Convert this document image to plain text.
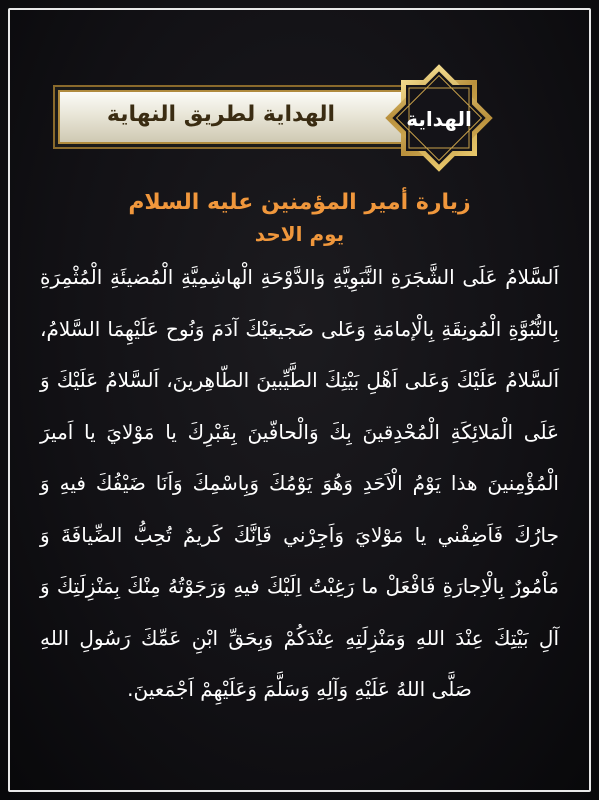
الهداية لطريق النهاية	الهداية
زيارة أمير المؤمنين عليه السلام
يوم الاحد
اَلسَّلامُ عَلَى الشَّجَرَةِ النَّبَوِيَّةِ وَالدَّوْحَةِ الْهاشِمِيَّةِ الْمُضيئَةِ الْمُثْمِرَةِ بِالنُّبُوَّةِ الْمُونِقَةِ بِالْإمامَةِ وَعَلى ضَجيعَيْكَ آدَمَ وَنُوح عَلَيْهِمَا السَّلامُ، اَلسَّلامُ عَلَيْكَ وَعَلى اَهْلِ بَيْتِكَ الطَّيِّبينَ الطّاهِرينَ، اَلسَّلامُ عَلَيْكَ وَ عَلَى الْمَلائِكَةِ الْمُحْدِقينَ بِكَ وَالْحافّينَ بِقَبْرِكَ يا مَوْلايَ يا اَميرَ الْمُؤْمِنينَ هذا يَوْمُ الْاَحَدِ وَهُوَ يَوْمُكَ وَبِاسْمِكَ وَاَنَا ضَيْفُكَ فيهِ وَ جارُكَ فَاَضِفْني يا مَوْلايَ وَاَجِرْني فَاِنَّكَ كَريمٌ تُحِبُّ الضِّيافَةَ وَ مَاْمُورٌ بِالْاِجارَةِ فَافْعَلْ ما رَغِبْتُ اِلَيْكَ فيهِ وَرَجَوْتُهُ مِنْكَ بِمَنْزِلَتِكَ وَ آلِ بَيْتِكَ عِنْدَ اللهِ وَمَنْزِلَتِهِ عِنْدَكُمْ وَبِحَقِّ ابْنِ عَمِّكَ رَسُولِ اللهِ صَلَّى اللهُ عَلَيْهِ وَآلِهِ وَسَلَّمَ وَعَلَيْهِمْ اَجْمَعينَ.
